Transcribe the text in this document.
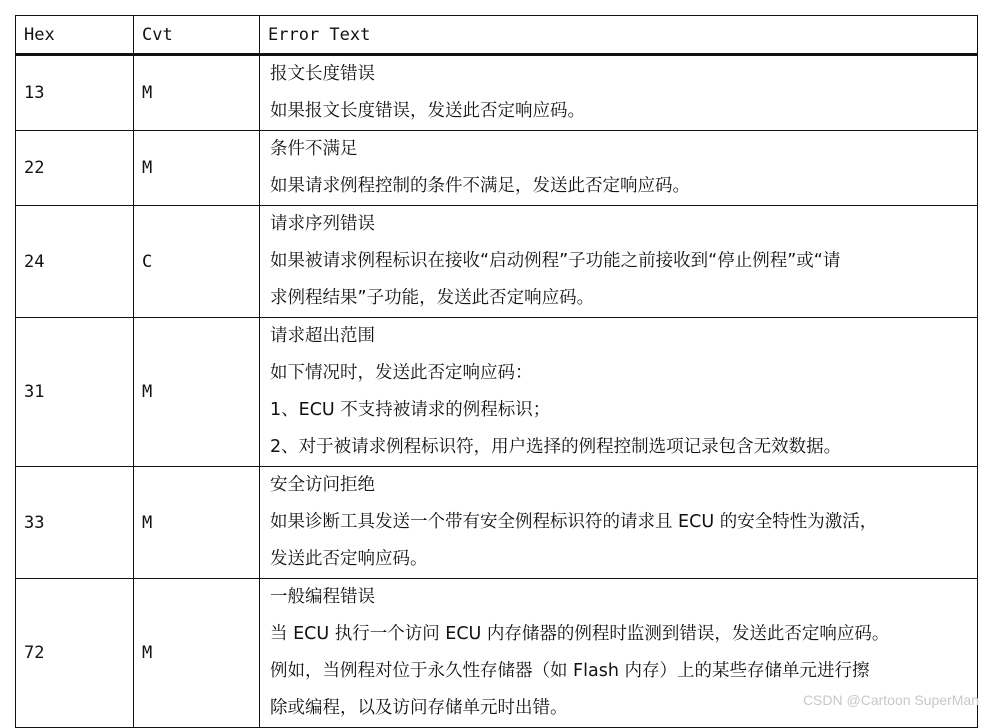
Hex	Cvt	Error Text
13	M	报文长度错误
如果报文长度错误，发送此否定响应码。

22	M	条件不满足
如果请求例程控制的条件不满足，发送此否定响应码。

24	C	请求序列错误
如果被请求例程标识在接收“启动例程”子功能之前接收到“停止例程”或“请
求例程结果”子功能，发送此否定响应码。

31	M	请求超出范围
如下情况时，发送此否定响应码：
1、ECU 不支持被请求的例程标识；
2、对于被请求例程标识符，用户选择的例程控制选项记录包含无效数据。

33	M	安全访问拒绝
如果诊断工具发送一个带有安全例程标识符的请求且 ECU 的安全特性为激活，
发送此否定响应码。

72	M	一般编程错误
当 ECU 执行一个访问 ECU 内存储器的例程时监测到错误，发送此否定响应码。
例如，当例程对位于永久性存储器（如 Flash 内存）上的某些存储单元进行擦
除或编程，以及访问存储单元时出错。	CSDN @Cartoon SuperMan
